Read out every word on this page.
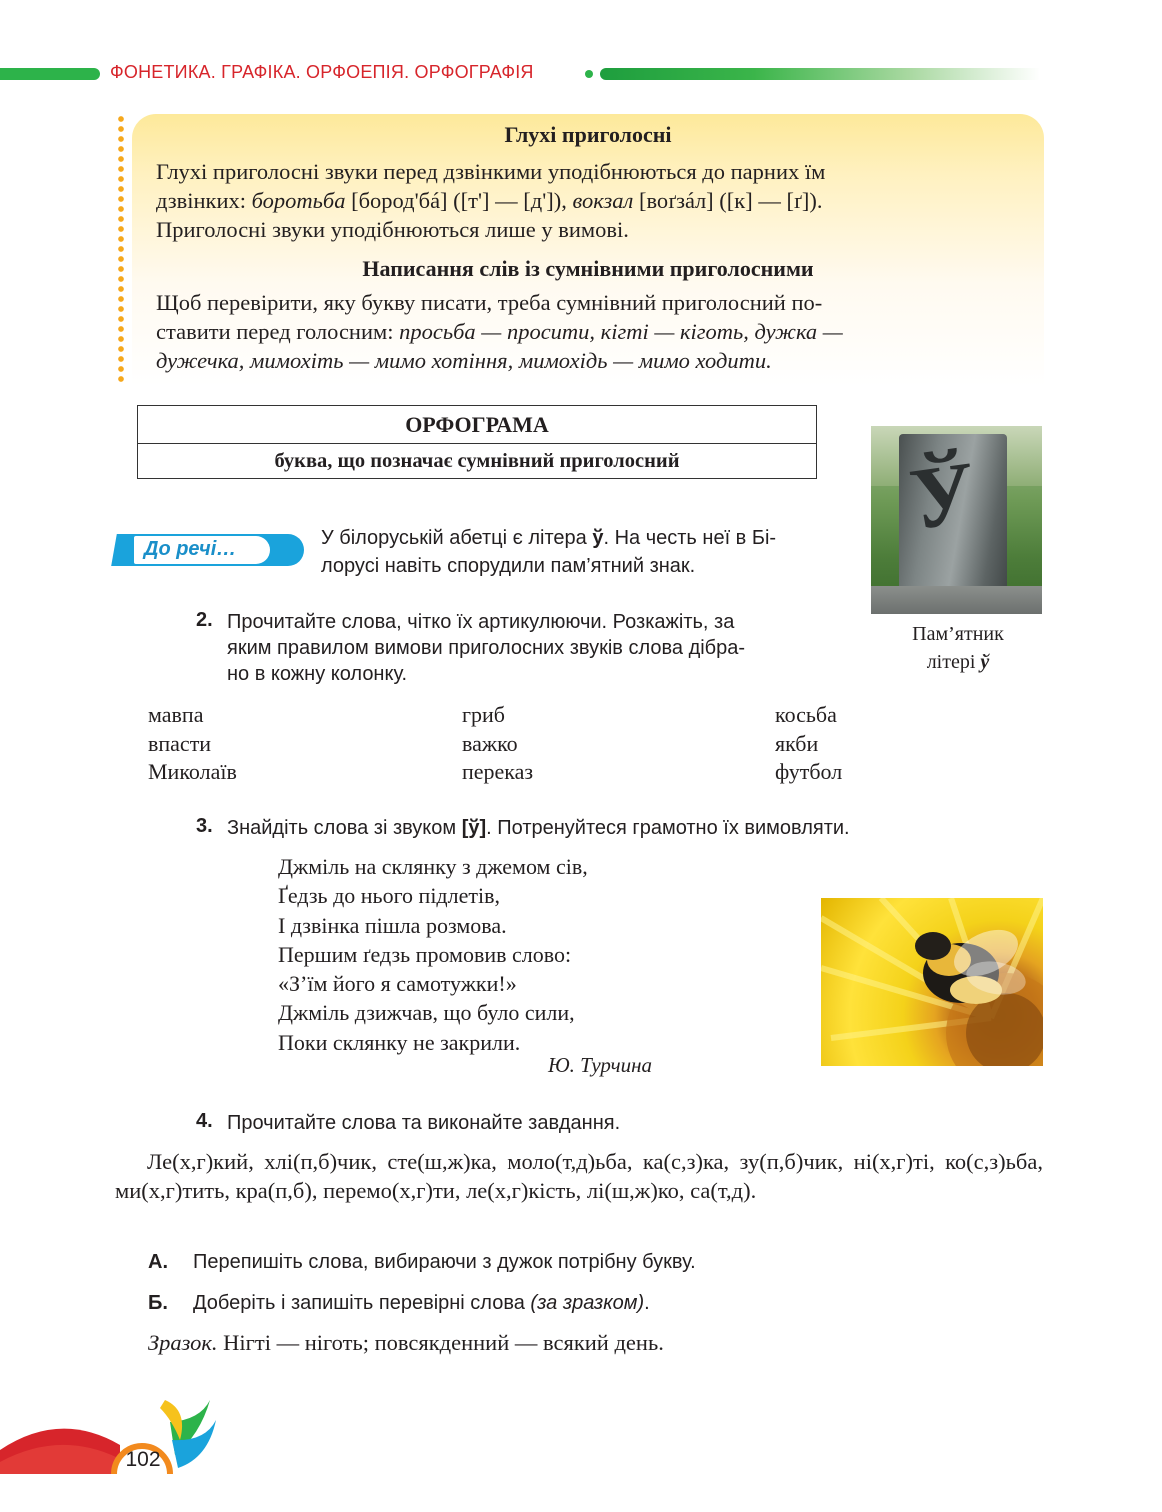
ФОНЕТИКА. ГРАФІКА. ОРФОЕПІЯ. ОРФОГРАФІЯ
Глухі приголосні
Глухі приголосні звуки перед дзвінкими уподібнюються до парних їм
дзвінких: боротьба [бород'бá] ([т'] — [д']), вокзал [воґзáл] ([к] — [ґ]).
Приголосні звуки уподібнюються лише у вимові.
Написання слів із сумнівними приголосними
Щоб перевірити, яку букву писати, треба сумнівний приголосний по-
ставити перед голосним: просьба — просити, кігті — кіготь, дужка —
дужечка, мимохіть — мимо хотіння, мимохідь — мимо ходити.
ОРФОГРАМА
буква, що позначає сумнівний приголосний	Ў
Пам’ятник
літері ў
До речі…	У білоруській абетці є літера ў. На честь неї в Бі-
лорусі навіть спорудили пам’ятний знак.
2. Прочитайте слова, чітко їх артикулюючи. Розкажіть, за
яким правилом вимови приголосних звуків слова дібра-
но в кожну колонку.
мавпа
впасти
Миколаїв
гриб
важко
переказ
косьба
якби
футбол
3. Знайдіть слова зі звуком [ў]. Потренуйтеся грамотно їх вимовляти.
Джміль на склянку з джемом сів,
Ґедзь до нього підлетів,
І дзвінка пішла розмова.
Першим ґедзь промовив слово:
«З’їм його я самотужки!»
Джміль дзижчав, що було сили,
Поки склянку не закрили.
Ю. Турчина
4. Прочитайте слова та виконайте завдання.
Ле(х,г)кий, хлі(п,б)чик, сте(ш,ж)ка, моло(т,д)ьба, ка(с,з)ка, зу(п,б)чик, ні(х,г)ті, ко(с,з)ьба, ми(х,г)тить, кра(п,б), перемо(х,г)ти, ле(х,г)кість, лі(ш,ж)ко, са(т,д).
А. Перепишіть слова, вибираючи з дужок потрібну букву.
Б. Доберіть і запишіть перевірні слова (за зразком).
Зразок. Нігті — ніготь; повсякденний — всякий день.
102
